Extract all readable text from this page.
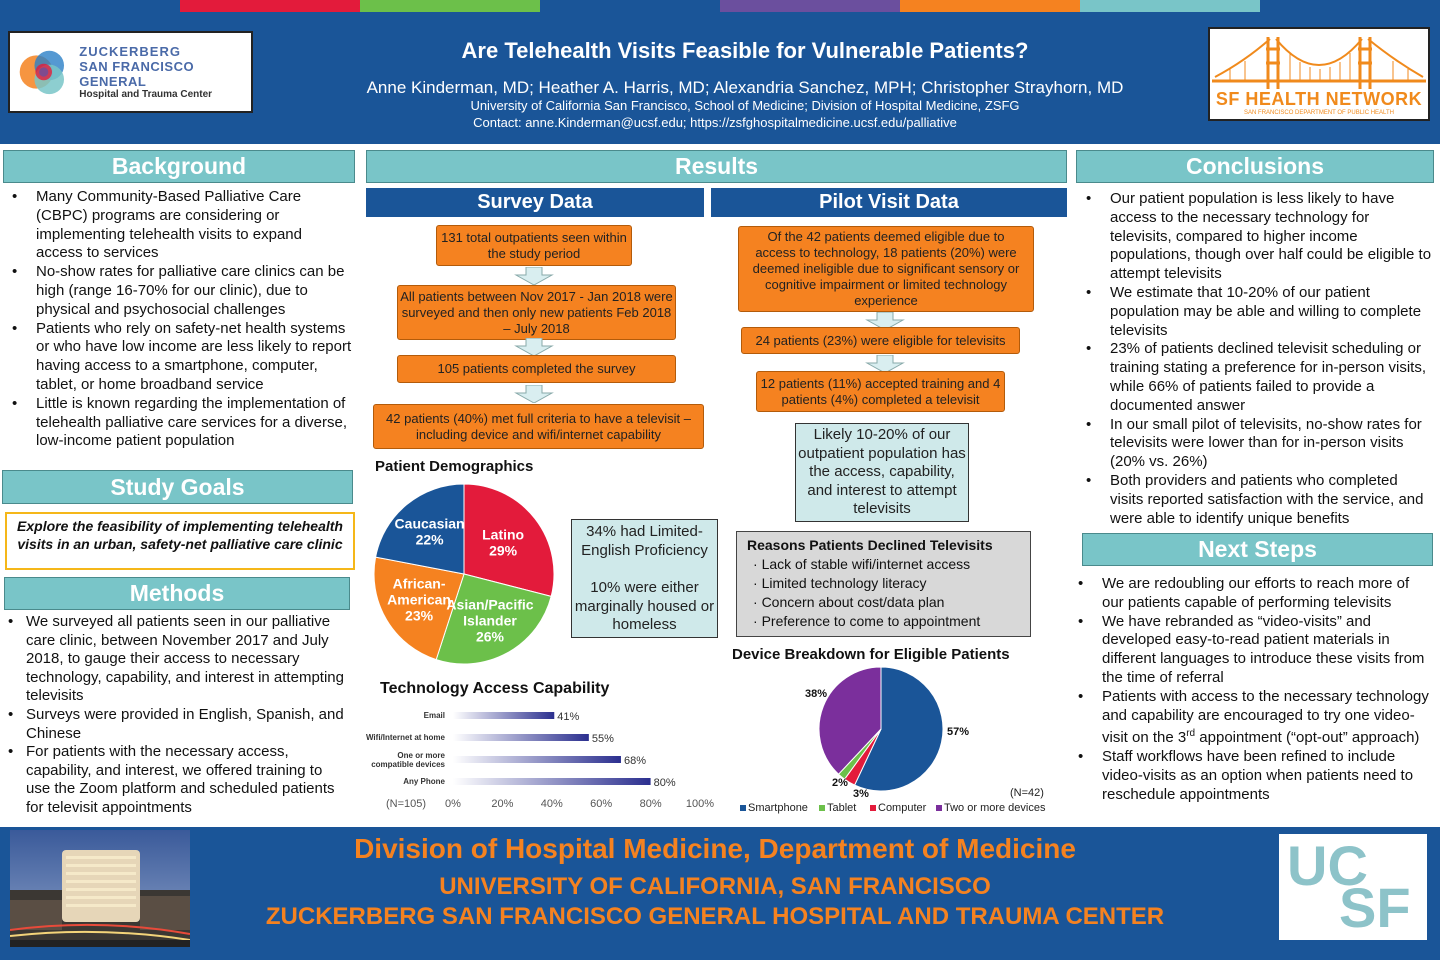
ZUCKERBERG
SAN FRANCISCO GENERAL
Hospital and Trauma Center	SF HEALTH NETWORK
SAN FRANCISCO DEPARTMENT OF PUBLIC HEALTH
Are Telehealth Visits Feasible for Vulnerable Patients?
Anne Kinderman, MD; Heather A. Harris, MD; Alexandria Sanchez, MPH; Christopher Strayhorn, MD
University of California San Francisco, School of Medicine; Division of Hospital Medicine, ZSFG
Contact: anne.Kinderman@ucsf.edu; https://zsfghospitalmedicine.ucsf.edu/palliative
Background
• Many Community-Based Palliative Care (CBPC) programs are considering or implementing telehealth visits to expand access to services
• No-show rates for palliative care clinics can be high (range 16-70% for our clinic), due to physical and psychosocial challenges
• Patients who rely on safety-net health systems or who have low income are less likely to report having access to a smartphone, computer, tablet, or home broadband service
• Little is known regarding the implementation of telehealth palliative care services for a diverse, low-income patient population
Study Goals
Explore the feasibility of implementing telehealth visits in an urban, safety-net palliative care clinic
Methods
• We surveyed all patients seen in our palliative care clinic, between November 2017 and July 2018, to gauge their access to necessary technology, capability, and interest in attempting televisits
• Surveys were provided in English, Spanish, and Chinese
• For patients with the necessary access, capability, and interest, we offered training to use the Zoom platform and scheduled patients for televisit appointments
Results
Survey Data	Pilot Visit Data
131 total outpatients seen within the study period
All patients between Nov 2017 - Jan 2018 were surveyed and then only new patients Feb 2018 – July 2018
105 patients completed the survey
42 patients (40%) met full criteria to have a televisit – including device and wifi/internet capability
Of the 42 patients deemed eligible due to access to technology, 18 patients (20%) were deemed ineligible due to significant sensory or cognitive impairment or limited technology experience
24 patients (23%) were eligible for televisits
12 patients (11%) accepted training and 4 patients (4%) completed a televisit
Likely 10-20% of our outpatient population has the access, capability, and interest to attempt televisits
34% had Limited-English Proficiency
10% were either marginally housed or homeless
Reasons Patients Declined Televisits
· Lack of stable wifi/internet access
· Limited technology literacy
· Concern about cost/data plan
· Preference to come to appointment
Patient Demographics
Latino 29%
Asian/Pacific Islander 26%
African-American 23%
Caucasian 22%
Technology Access Capability
Email	41%
Wifi/Internet at home	55%
One or more compatible devices	68%
Any Phone	80%
0%	20% 40% 60% 80% 100%
(N=105)
Device Breakdown for Eligible Patients
57%
2%
3%
38%
(N=42)
Smartphone Tablet Computer Two or more devices
Conclusions
• Our patient population is less likely to have access to the necessary technology for televisits, compared to higher income populations, though over half could be eligible to attempt televisits
• We estimate that 10-20% of our patient population may be able and willing to complete televisits
• 23% of patients declined televisit scheduling or training stating a preference for in-person visits, while 66% of patients failed to provide a documented answer
• In our small pilot of televisits, no-show rates for televisits were lower than for in-person visits (20% vs. 26%)
• Both providers and patients who completed visits reported satisfaction with the service, and were able to identify unique benefits
Next Steps
• We are redoubling our efforts to reach more of our patients capable of performing televisits
• We have rebranded as “video-visits” and developed easy-to-read patient materials in different languages to introduce these visits from the time of referral
• Patients with access to the necessary technology and capability are encouraged to try one video-visit on the 3rd appointment (“opt-out” approach)
• Staff workflows have been refined to include video-visits as an option when patients need to reschedule appointments
Division of Hospital Medicine, Department of Medicine
UNIVERSITY OF CALIFORNIA, SAN FRANCISCO
ZUCKERBERG SAN FRANCISCO GENERAL HOSPITAL AND TRAUMA CENTER
UC
SF
